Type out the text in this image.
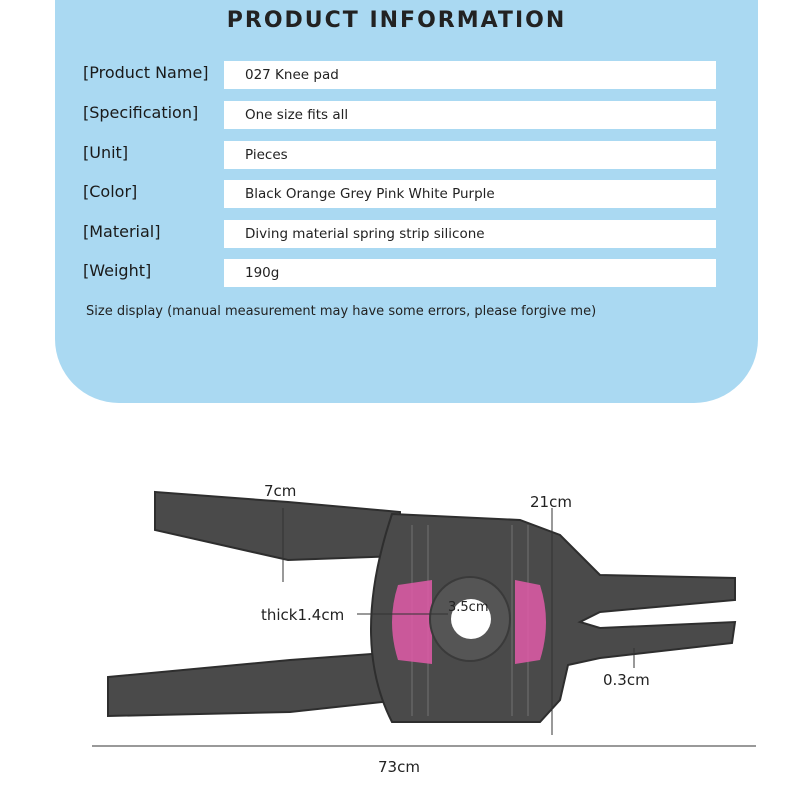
PRODUCT INFORMATION
[Product Name]	027 Knee pad
[Specification]	One size fits all
[Unit]	Pieces
[Color]	Black Orange Grey Pink White Purple
[Material]	Diving material spring strip silicone
[Weight]	190g
Size display (manual measurement may have some errors, please forgive me)
7cm
21cm
thick1.4cm	3.5cm
0.3cm
73cm
